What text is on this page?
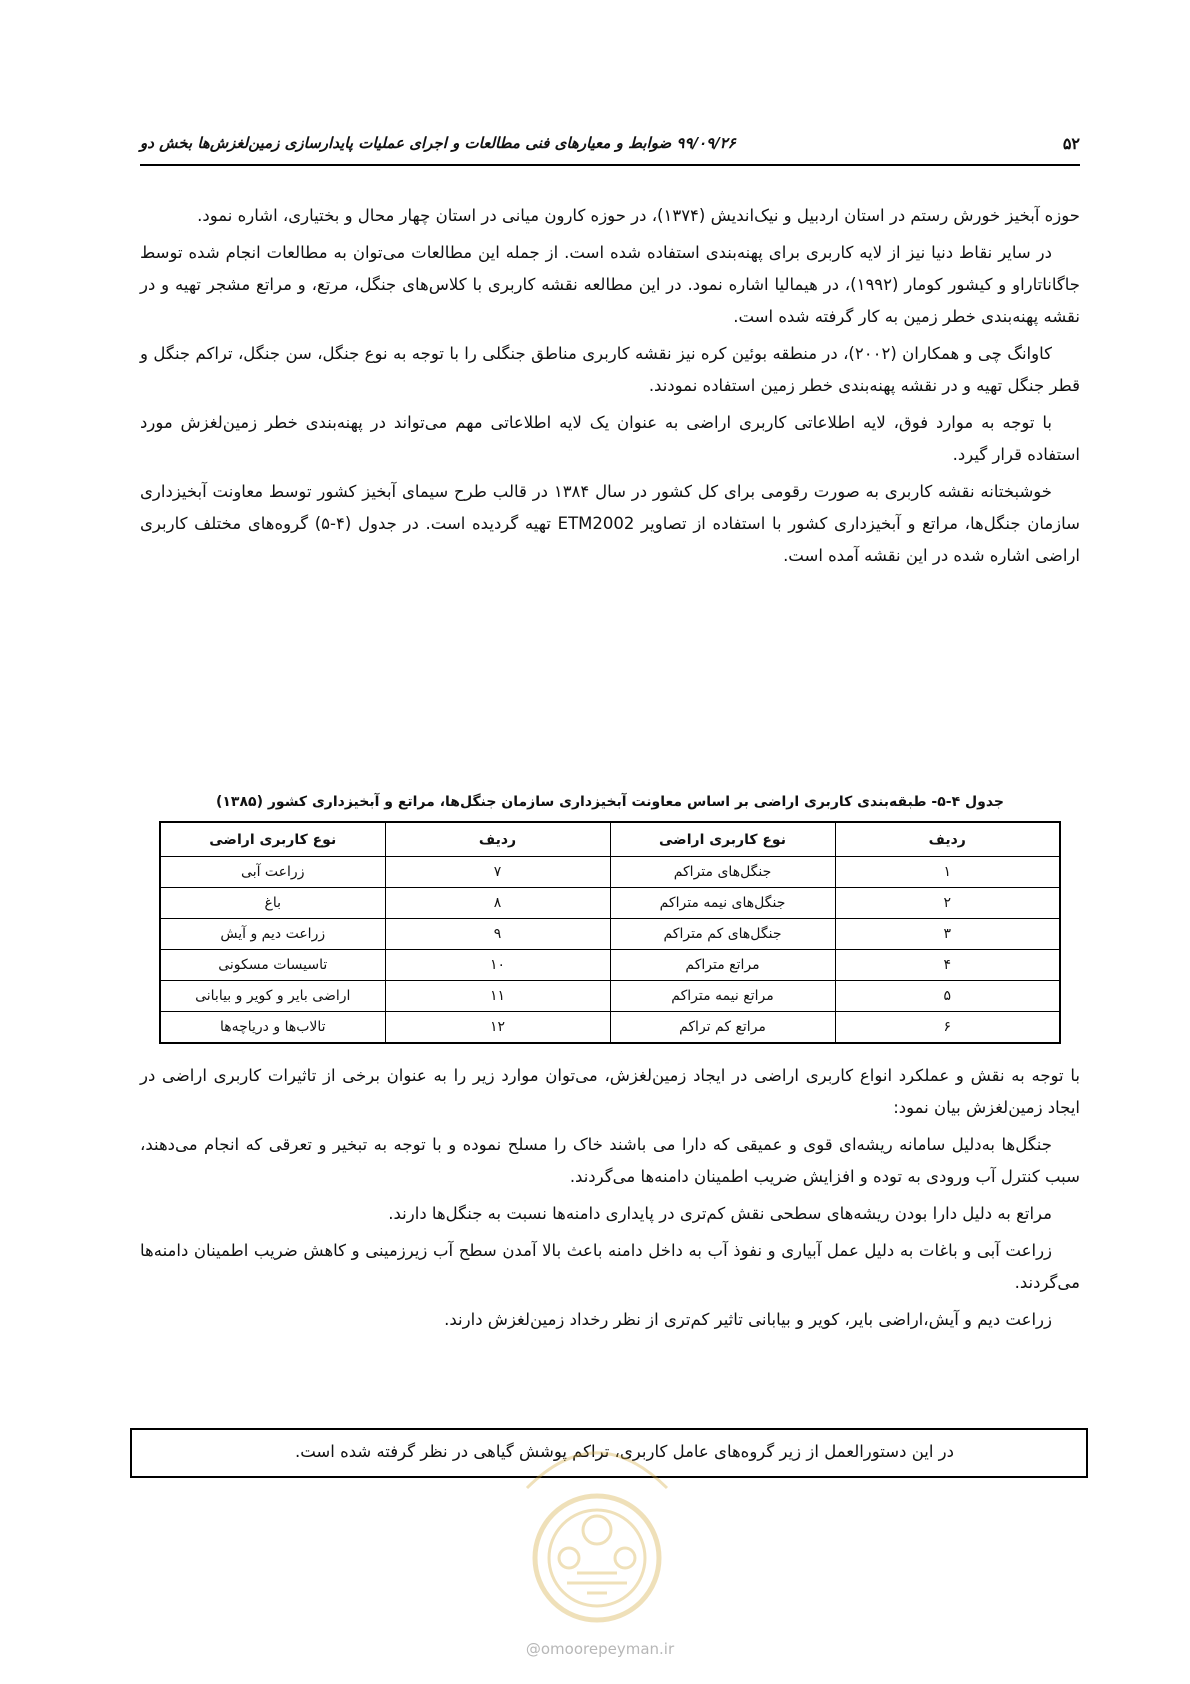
۹۹/۰۹/۲۶ ضوابط و معیارهای فنی مطالعات و اجرای عملیات پایدارسازی زمین‌لغزش‌ها بخش دو	۵۲

حوزه آبخیز خورش رستم در استان اردبیل و نیک‌اندیش (۱۳۷۴)، در حوزه کارون میانی در استان چهار محال و بختیاری، اشاره نمود.

در سایر نقاط دنیا نیز از لایه کاربری برای پهنه‌بندی استفاده شده است. از جمله این مطالعات می‌توان به مطالعات انجام شده توسط جاگاناتاراو و کیشور کومار (۱۹۹۲)، در هیمالیا اشاره نمود. در این مطالعه نقشه کاربری با کلاس‌های جنگل، مرتع، و مراتع مشجر تهیه و در نقشه پهنه‌بندی خطر زمین به کار گرفته شده است.

کاوانگ چی و همکاران (۲۰۰۲)، در منطقه بوئین کره نیز نقشه کاربری مناطق جنگلی را با توجه به نوع جنگل، سن جنگل، تراکم جنگل و قطر جنگل تهیه و در نقشه پهنه‌بندی خطر زمین استفاده نمودند.

با توجه به موارد فوق، لایه اطلاعاتی کاربری اراضی به عنوان یک لایه اطلاعاتی مهم می‌تواند در پهنه‌بندی خطر زمین‌لغزش مورد استفاده قرار گیرد.

خوشبختانه نقشه کاربری به صورت رقومی برای کل کشور در سال ۱۳۸۴ در قالب طرح سیمای آبخیز کشور توسط معاونت آبخیزداری سازمان جنگل‌ها، مراتع و آبخیزداری کشور با استفاده از تصاویر ETM2002 تهیه گردیده است. در جدول (۴-۵) گروه‌های مختلف کاربری اراضی اشاره شده در این نقشه آمده است.

جدول ۴-۵- طبقه‌بندی کاربری اراضی بر اساس معاونت آبخیزداری سازمان جنگل‌ها، مراتع و آبخیزداری کشور (۱۳۸۵)
ردیف	نوع کاربری اراضی	ردیف	نوع کاربری اراضی
۱	جنگل‌های متراکم	۷	زراعت آبی
۲	جنگل‌های نیمه متراکم	۸	باغ
۳	جنگل‌های کم متراکم	۹	زراعت دیم و آیش
۴	مراتع متراکم	۱۰	تاسیسات مسکونی
۵	مراتع نیمه متراکم	۱۱	اراضی بایر و کویر و بیابانی
۶	مراتع کم تراکم	۱۲	تالاب‌ها و دریاچه‌ها

با توجه به نقش و عملکرد انواع کاربری اراضی در ایجاد زمین‌لغزش، می‌توان موارد زیر را به عنوان برخی از تاثیرات کاربری اراضی در ایجاد زمین‌لغزش بیان نمود:

جنگل‌ها به‌دلیل سامانه ریشه‌ای قوی و عمیقی که دارا می باشند خاک را مسلح نموده و با توجه به تبخیر و تعرقی که انجام می‌دهند، سبب کنترل آب ورودی به توده و افزایش ضریب اطمینان دامنه‌ها می‌گردند.

مراتع به دلیل دارا بودن ریشه‌های سطحی نقش کم‌تری در پایداری دامنه‌ها نسبت به جنگل‌ها دارند.

زراعت آبی و باغات به دلیل عمل آبیاری و نفوذ آب به داخل دامنه باعث بالا آمدن سطح آب زیرزمینی و کاهش ضریب اطمینان دامنه‌ها می‌گردند.

زراعت دیم و آیش،اراضی بایر، کویر و بیابانی تاثیر کم‌تری از نظر رخداد زمین‌لغزش دارند.

در این دستورالعمل از زیر گروه‌های عامل کاربری، تراکم پوشش گیاهی در نظر گرفته شده است.
@omoorepeyman.ir
